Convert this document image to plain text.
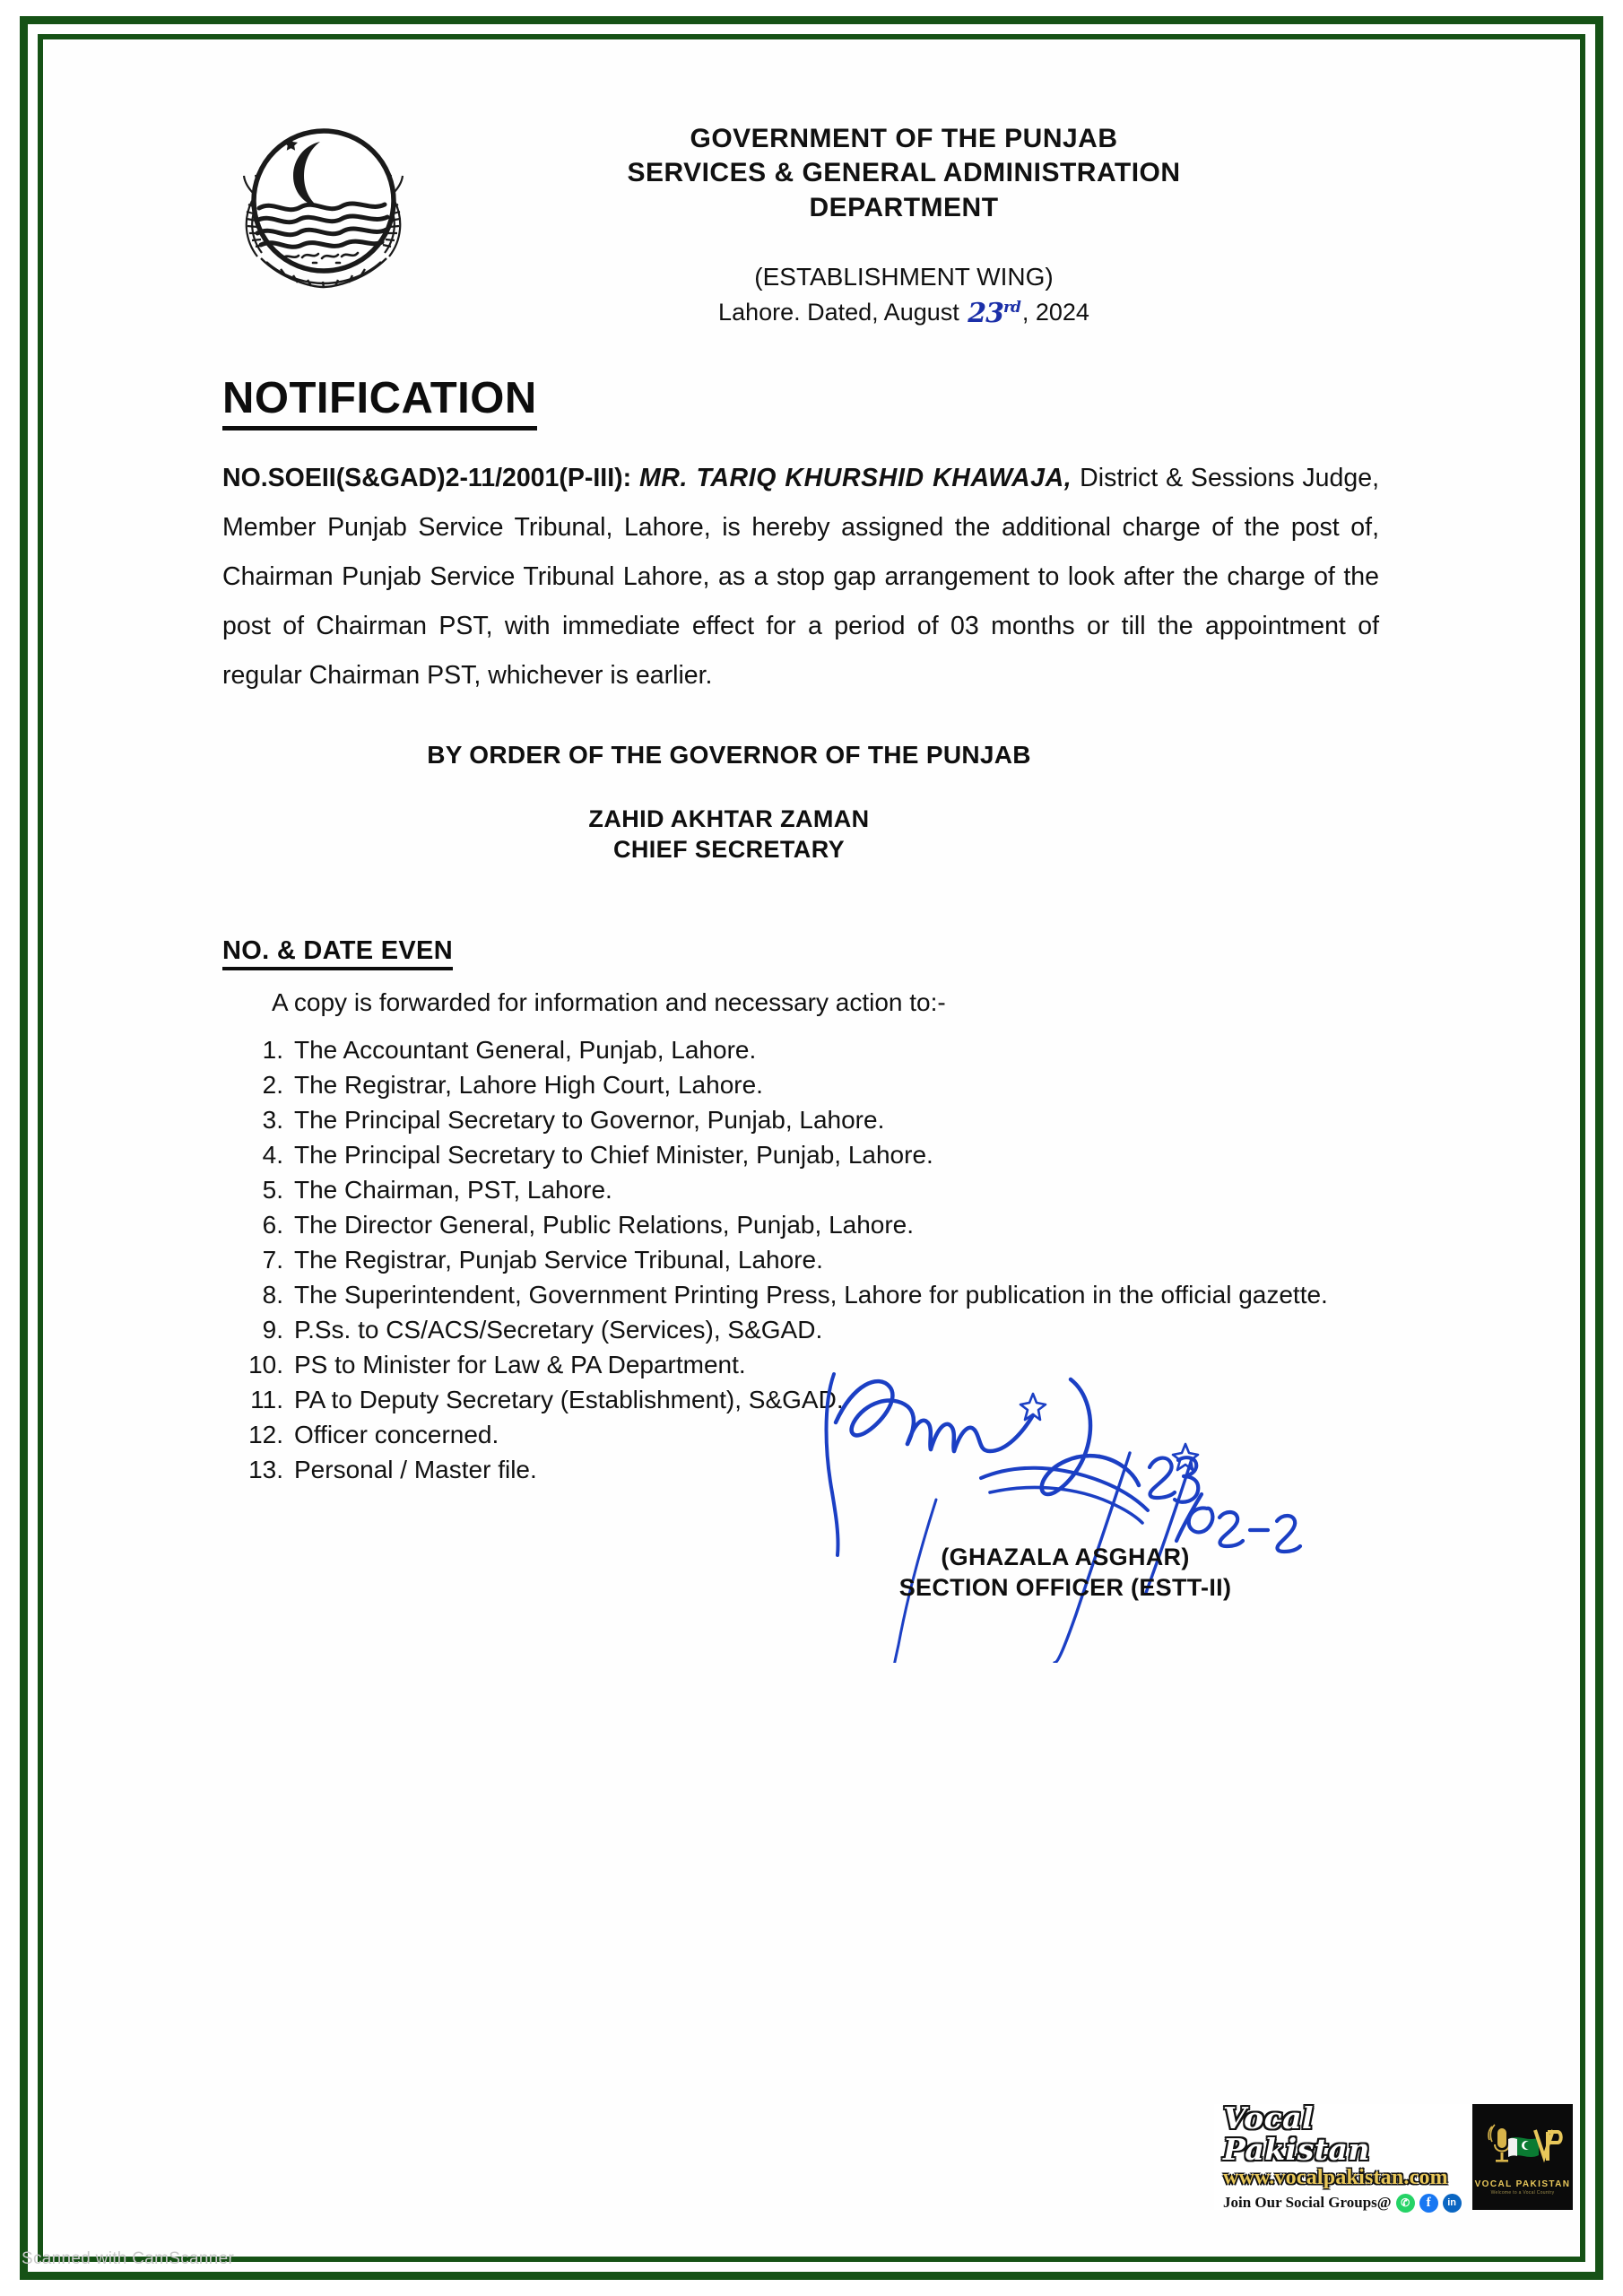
GOVERNMENT OF THE PUNJAB
SERVICES & GENERAL ADMINISTRATION
DEPARTMENT
(ESTABLISHMENT WING)
Lahore. Dated, August 23rd, 2024
NOTIFICATION
NO.SOEII(S&GAD)2-11/2001(P-III): MR. TARIQ KHURSHID KHAWAJA, District & Sessions Judge, Member Punjab Service Tribunal, Lahore, is hereby assigned the additional charge of the post of, Chairman Punjab Service Tribunal Lahore, as a stop gap arrangement to look after the charge of the post of Chairman PST, with immediate effect for a period of 03 months or till the appointment of regular Chairman PST, whichever is earlier.
BY ORDER OF THE GOVERNOR OF THE PUNJAB
ZAHID AKHTAR ZAMAN
CHIEF SECRETARY
NO. & DATE EVEN
A copy is forwarded for information and necessary action to:-
1. The Accountant General, Punjab, Lahore.
2. The Registrar, Lahore High Court, Lahore.
3. The Principal Secretary to Governor, Punjab, Lahore.
4. The Principal Secretary to Chief Minister, Punjab, Lahore.
5. The Chairman, PST, Lahore.
6. The Director General, Public Relations, Punjab, Lahore.
7. The Registrar, Punjab Service Tribunal, Lahore.
8. The Superintendent, Government Printing Press, Lahore for publication in the official gazette.
9. P.Ss. to CS/ACS/Secretary (Services), S&GAD.
10. PS to Minister for Law & PA Department.
11. PA to Deputy Secretary (Establishment), S&GAD.
12. Officer concerned.
13. Personal / Master file.
(GHAZALA ASGHAR)
SECTION OFFICER (ESTT-II)
Vocal Pakistan
www.vocalpakistan.com
Join Our Social Groups@ ✆	f	in
VOCAL PAKISTAN
Welcome to a Vocal Country
Scanned with CamScanner
